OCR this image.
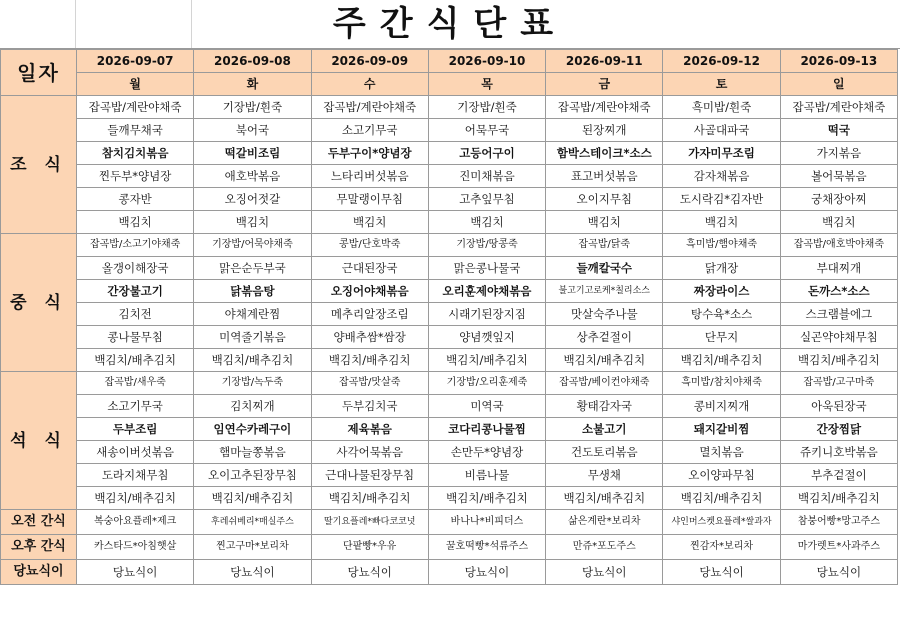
주간식단표
일자	2026-09-07	2026-09-08	2026-09-09	2026-09-10	2026-09-11	2026-09-12	2026-09-13
	월	화	수	목	금	토	일
조 식	잡곡밥/계란야채죽	기장밥/흰죽	잡곡밥/계란야채죽	기장밥/흰죽	잡곡밥/계란야채죽	흑미밥/흰죽	잡곡밥/계란야채죽
	들깨무채국	북어국	소고기무국	어묵무국	된장찌개	사골대파국	떡국
	참치김치볶음	떡갈비조림	두부구이*양념장	고등어구이	함박스테이크*소스	가자미무조림	가지볶음
	찐두부*양념장	애호박볶음	느타리버섯볶음	진미채볶음	표고버섯볶음	감자채볶음	볼어묵볶음
	콩자반	오징어젓갈	무말랭이무침	고추잎무침	오이지무침	도시락김*김자반	궁채장아찌
	백김치	백김치	백김치	백김치	백김치	백김치	백김치
중 식	잡곡밥/소고기야채죽	기장밥/어묵야채죽	콩밥/단호박죽	기장밥/땅콩죽	잡곡밥/닭죽	흑미밥/햄야채죽	잡곡밥/애호박야채죽
	올갱이해장국	맑은순두부국	근대된장국	맑은콩나물국	들깨칼국수	닭개장	부대찌개
	간장불고기	닭볶음탕	오징어야채볶음	오리훈제야채볶음	불고기고로케*칠리소스	짜장라이스	돈까스*소스
	김치전	야채계란찜	메추리알장조림	시래기된장지짐	맛살숙주나물	탕수육*소스	스크램블에그
	콩나물무침	미역줄기볶음	양배추쌈*쌈장	양념깻잎지	상추겉절이	단무지	실곤약야채무침
	백김치/배추김치	백김치/배추김치	백김치/배추김치	백김치/배추김치	백김치/배추김치	백김치/배추김치	백김치/배추김치
석 식	잡곡밥/새우죽	기장밥/녹두죽	잡곡밥/맛살죽	기장밥/오리훈제죽	잡곡밥/베이컨야채죽	흑미밥/참치야채죽	잡곡밥/고구마죽
	소고기무국	김치찌개	두부김치국	미역국	황태감자국	콩비지찌개	아욱된장국
	두부조림	임연수카레구이	제육볶음	코다리콩나물찜	소불고기	돼지갈비찜	간장찜닭
	새송이버섯볶음	햄마늘쫑볶음	사각어묵볶음	손만두*양념장	건도토리볶음	멸치볶음	쥬키니호박볶음
	도라지채무침	오이고추된장무침	근대나물된장무침	비름나물	무생채	오이양파무침	부추겉절이
	백김치/배추김치	백김치/배추김치	백김치/배추김치	백김치/배추김치	백김치/배추김치	백김치/배추김치	백김치/배추김치
오전 간식	복숭아요플레*제크	후레쉬베리*매실주스	딸기요플레*빠다코코넛	바나나*비피더스	삶은계란*보리차	샤인머스켓요플레*쌀과자	참붕어빵*망고주스
오후 간식	카스타드*아침햇살	찐고구마*보리차	단팥빵*우유	꿀호떡빵*석류주스	만쥬*포도주스	찐감자*보리차	마가렛트*사과주스
당뇨식이	당뇨식이	당뇨식이	당뇨식이	당뇨식이	당뇨식이	당뇨식이	당뇨식이
